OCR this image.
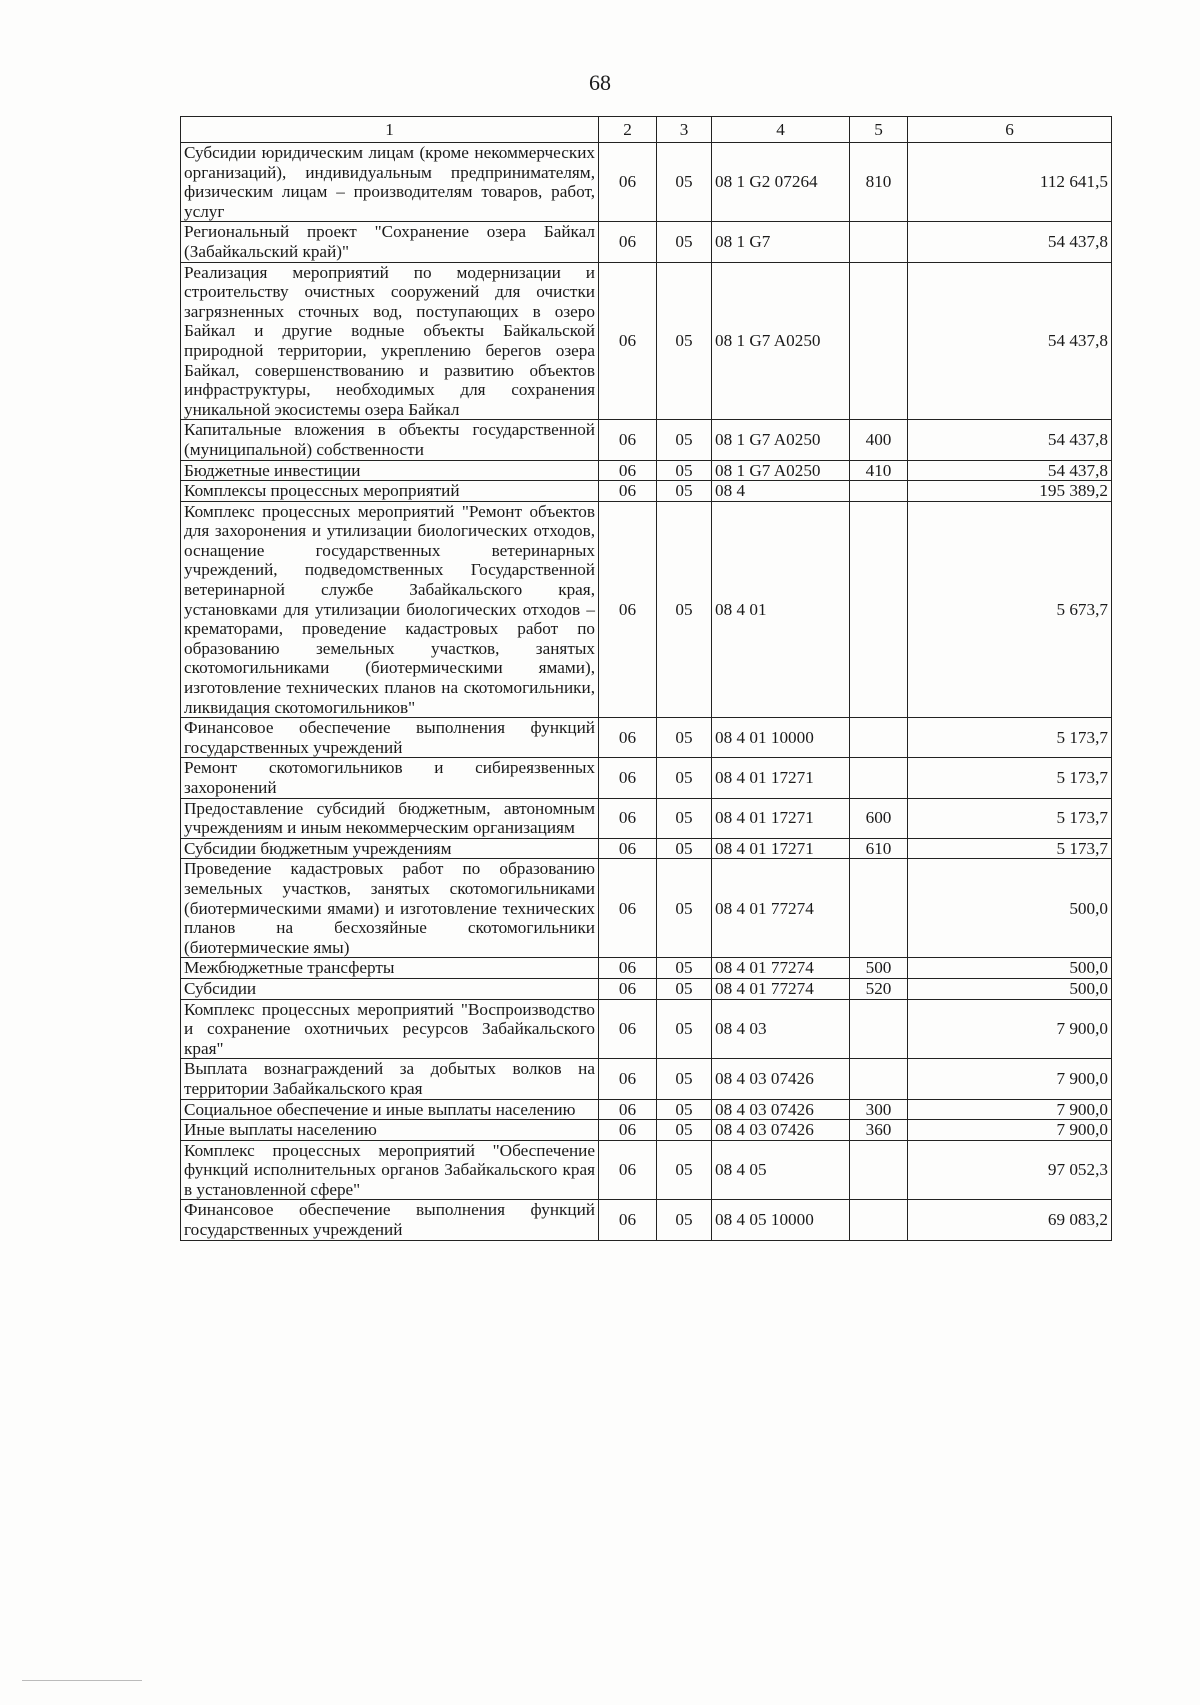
68
1	2	3	4	5	6
Субсидии юридическим лицам (кроме некоммерческих организаций), индивидуальным предпринимателям, физическим лицам – производителям товаров, работ, услуг	06	05	08 1 G2 07264	810	112 641,5
Региональный проект "Сохранение озера Байкал (Забайкальский край)"	06	05	08 1 G7		54 437,8
Реализация мероприятий по модернизации и строительству очистных сооружений для очистки загрязненных сточных вод, поступающих в озеро Байкал и другие водные объекты Байкальской природной территории, укреплению берегов озера Байкал, совершенствованию и развитию объектов инфраструктуры, необходимых для сохранения уникальной экосистемы озера Байкал	06	05	08 1 G7 A0250		54 437,8
Капитальные вложения в объекты государственной (муниципальной) собственности	06	05	08 1 G7 A0250	400	54 437,8
Бюджетные инвестиции	06	05	08 1 G7 A0250	410	54 437,8
Комплексы процессных мероприятий	06	05	08 4		195 389,2
Комплекс процессных мероприятий "Ремонт объектов для захоронения и утилизации биологических отходов, оснащение государственных ветеринарных учреждений, подведомственных Государственной ветеринарной службе Забайкальского края, установками для утилизации биологических отходов – крематорами, проведение кадастровых работ по образованию земельных участков, занятых скотомогильниками (биотермическими ямами), изготовление технических планов на скотомогильники, ликвидация скотомогильников"	06	05	08 4 01		5 673,7
Финансовое обеспечение выполнения функций государственных учреждений	06	05	08 4 01 10000		5 173,7
Ремонт скотомогильников и сибиреязвенных захоронений	06	05	08 4 01 17271		5 173,7
Предоставление субсидий бюджетным, автономным учреждениям и иным некоммерческим организациям	06	05	08 4 01 17271	600	5 173,7
Субсидии бюджетным учреждениям	06	05	08 4 01 17271	610	5 173,7
Проведение кадастровых работ по образованию земельных участков, занятых скотомогильниками (биотермическими ямами) и изготовление технических планов на бесхозяйные скотомогильники (биотермические ямы)	06	05	08 4 01 77274		500,0
Межбюджетные трансферты	06	05	08 4 01 77274	500	500,0
Субсидии	06	05	08 4 01 77274	520	500,0
Комплекс процессных мероприятий "Воспроизводство и сохранение охотничьих ресурсов Забайкальского края"	06	05	08 4 03		7 900,0
Выплата вознаграждений за добытых волков на территории Забайкальского края	06	05	08 4 03 07426		7 900,0
Социальное обеспечение и иные выплаты населению	06	05	08 4 03 07426	300	7 900,0
Иные выплаты населению	06	05	08 4 03 07426	360	7 900,0
Комплекс процессных мероприятий "Обеспечение функций исполнительных органов Забайкальского края в установленной сфере"	06	05	08 4 05		97 052,3
Финансовое обеспечение выполнения функций государственных учреждений	06	05	08 4 05 10000		69 083,2
